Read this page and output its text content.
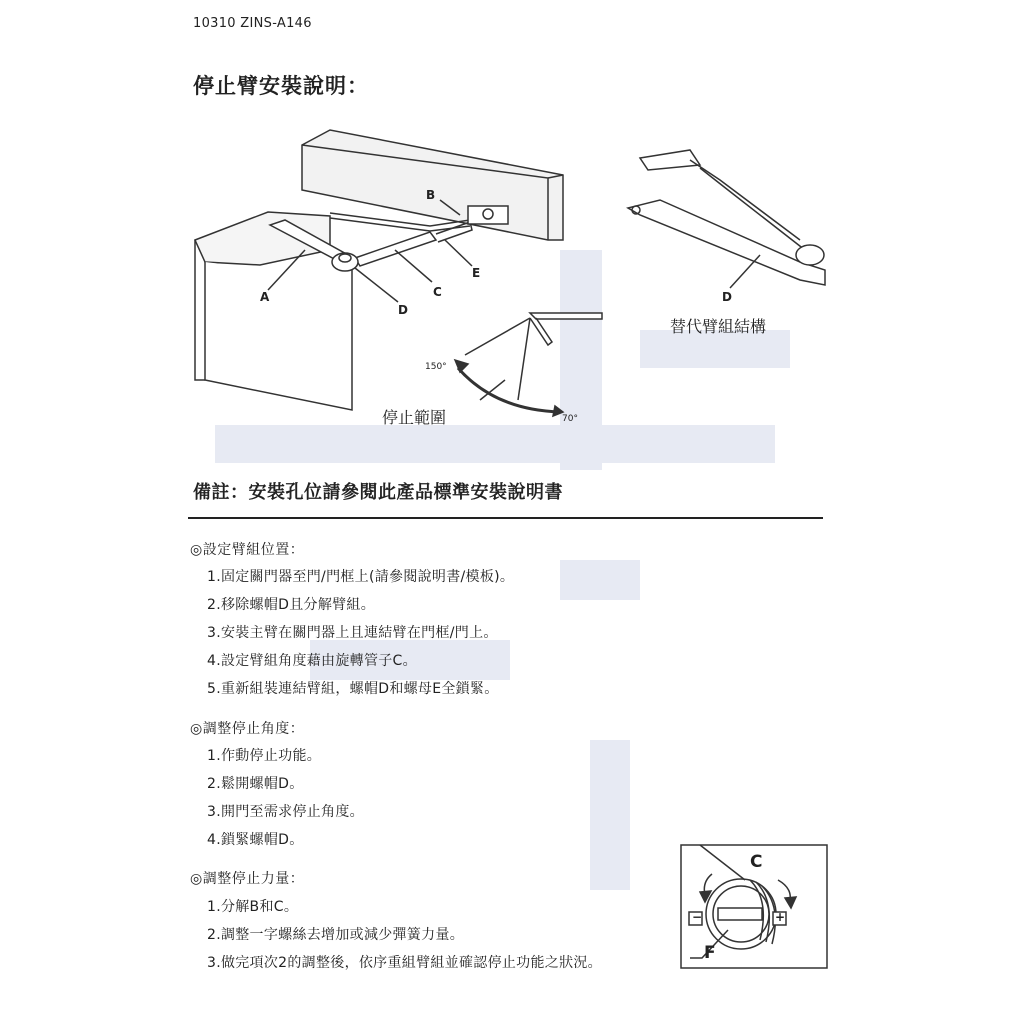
10310 ZINS-A146
停止臂安裝說明：
B
A	C
D
E
150°
70°
停止範圍
D
替代臂組結構
備註：安裝孔位請參閱此產品標準安裝說明書
◎設定臂組位置：
1.固定關門器至門/門框上(請參閱說明書/模板)。
2.移除螺帽D且分解臂組。
3.安裝主臂在關門器上且連結臂在門框/門上。
4.設定臂組角度藉由旋轉管子C。
5.重新組裝連結臂組，螺帽D和螺母E全鎖緊。
◎調整停止角度：
1.作動停止功能。
2.鬆開螺帽D。
3.開門至需求停止角度。
4.鎖緊螺帽D。
◎調整停止力量：
1.分解B和C。
2.調整一字螺絲去增加或減少彈簧力量。
3.做完項次2的調整後，依序重組臂組並確認停止功能之狀況。
C
F
−	+
